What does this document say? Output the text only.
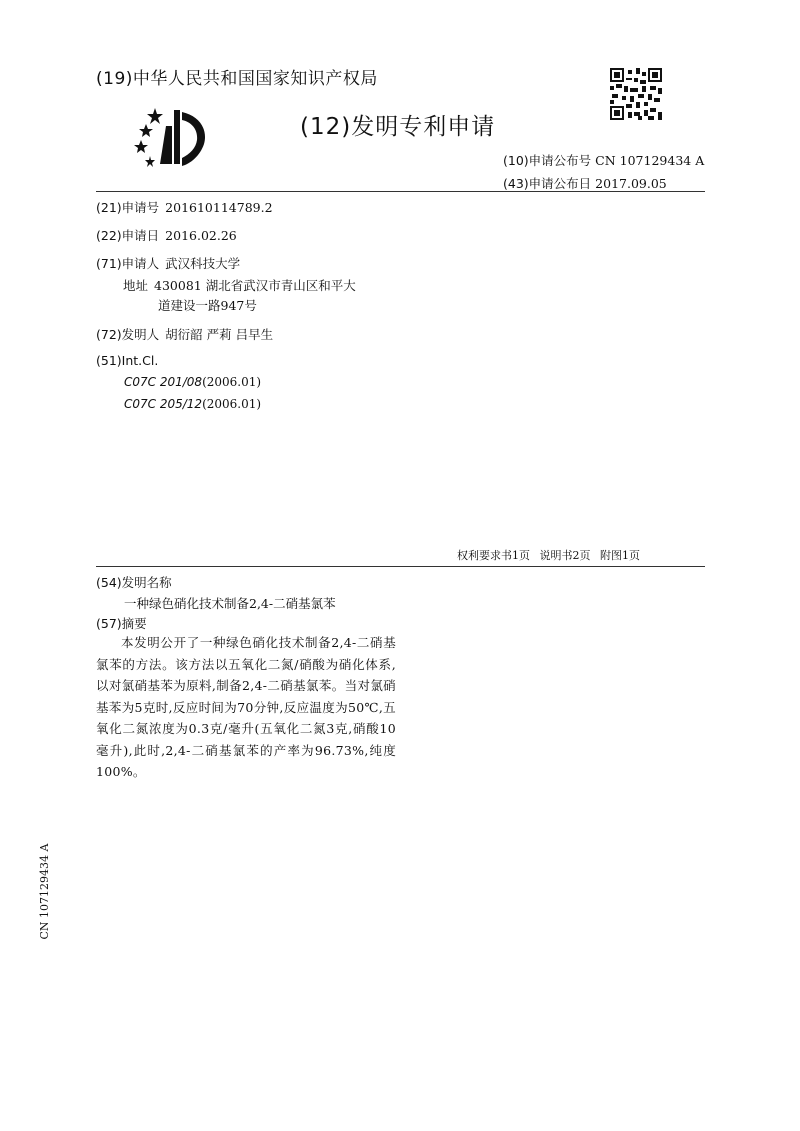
(19)中华人民共和国国家知识产权局
(12)发明专利申请
(10)申请公布号 CN 107129434 A
(43)申请公布日 2017.09.05
(21)申请号 201610114789.2
(22)申请日 2016.02.26
(71)申请人 武汉科技大学
地址 430081 湖北省武汉市青山区和平大
道建设一路947号
(72)发明人 胡衍韶 严莉 吕早生
(51)Int.Cl.
C07C 201/08(2006.01)
C07C 205/12(2006.01)
权利要求书1页 说明书2页 附图1页
(54)发明名称
一种绿色硝化技术制备2,4-二硝基氯苯
(57)摘要
本发明公开了一种绿色硝化技术制备2,4-二硝基氯苯的方法。该方法以五氧化二氮/硝酸为硝化体系,以对氯硝基苯为原料,制备2,4-二硝基氯苯。当对氯硝基苯为5克时,反应时间为70分钟,反应温度为50℃,五氧化二氮浓度为0.3克/毫升(五氧化二氮3克,硝酸10毫升),此时,2,4-二硝基氯苯的产率为96.73%,纯度100%。
CN 107129434 A
